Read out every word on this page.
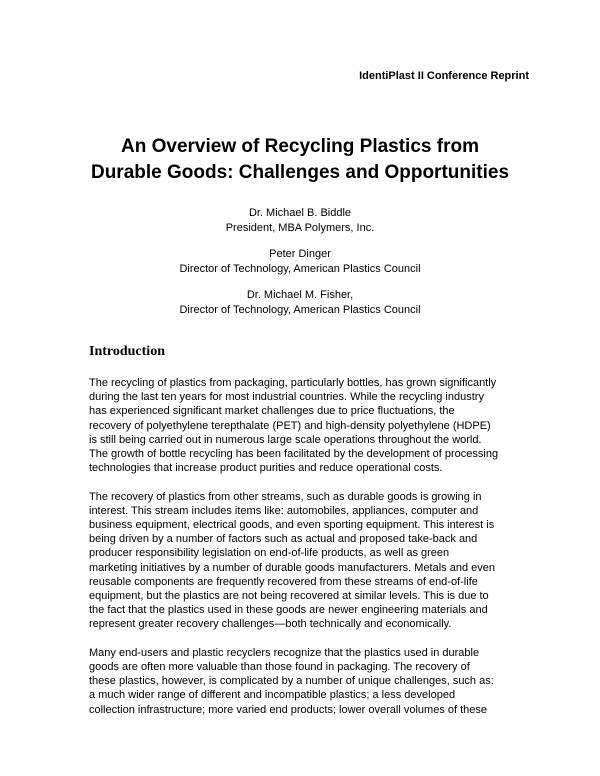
IdentiPlast II Conference Reprint
An Overview of Recycling Plastics from
Durable Goods: Challenges and Opportunities
Dr. Michael B. Biddle
President, MBA Polymers, Inc.
Peter Dinger
Director of Technology, American Plastics Council
Dr. Michael M. Fisher,
Director of Technology, American Plastics Council
Introduction
The recycling of plastics from packaging, particularly bottles, has grown significantly
during the last ten years for most industrial countries. While the recycling industry
has experienced significant market challenges due to price fluctuations, the
recovery of polyethylene terepthalate (PET) and high-density polyethylene (HDPE)
is still being carried out in numerous large scale operations throughout the world.
The growth of bottle recycling has been facilitated by the development of processing
technologies that increase product purities and reduce operational costs.
The recovery of plastics from other streams, such as durable goods is growing in
interest. This stream includes items like: automobiles, appliances, computer and
business equipment, electrical goods, and even sporting equipment. This interest is
being driven by a number of factors such as actual and proposed take-back and
producer responsibility legislation on end-of-life products, as well as green
marketing initiatives by a number of durable goods manufacturers. Metals and even
reusable components are frequently recovered from these streams of end-of-life
equipment, but the plastics are not being recovered at similar levels. This is due to
the fact that the plastics used in these goods are newer engineering materials and
represent greater recovery challenges—both technically and economically.
Many end-users and plastic recyclers recognize that the plastics used in durable
goods are often more valuable than those found in packaging. The recovery of
these plastics, however, is complicated by a number of unique challenges, such as:
a much wider range of different and incompatible plastics; a less developed
collection infrastructure; more varied end products; lower overall volumes of these
